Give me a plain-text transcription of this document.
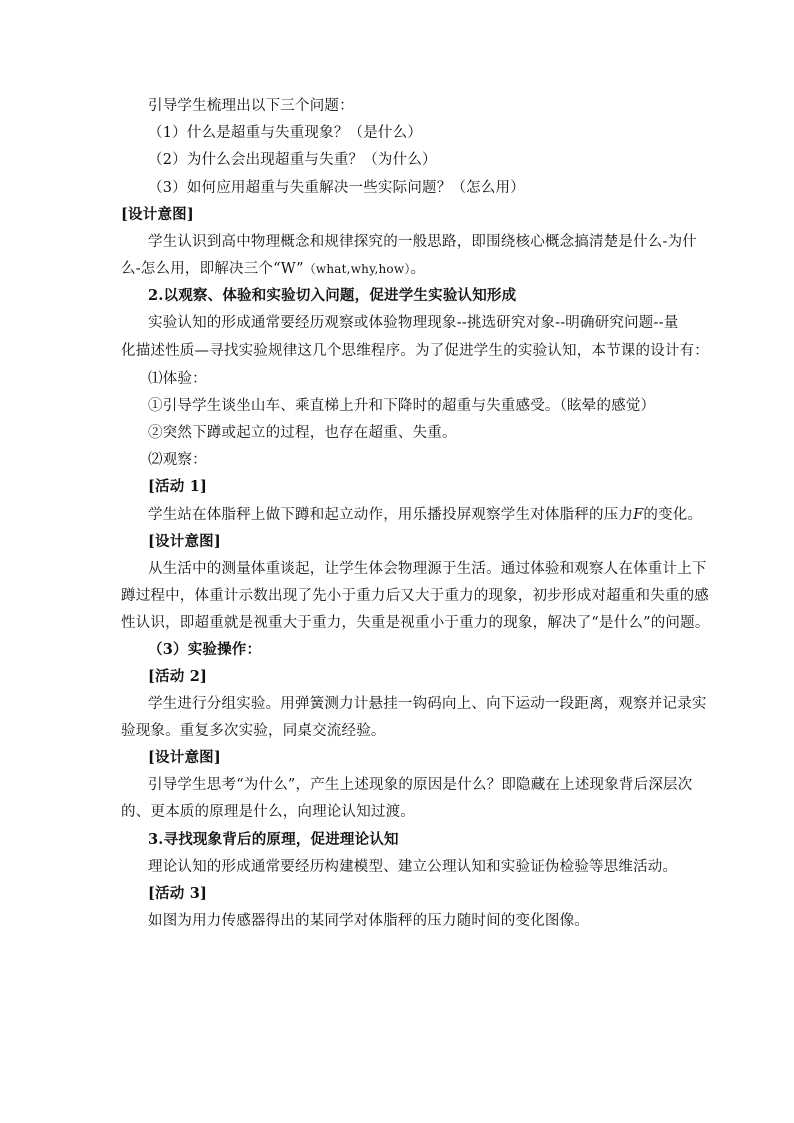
引导学生梳理出以下三个问题：
（1）什么是超重与失重现象？（是什么）
（2）为什么会出现超重与失重？（为什么）
（3）如何应用超重与失重解决一些实际问题？（怎么用）
[设计意图]
学生认识到高中物理概念和规律探究的一般思路，即围绕核心概念搞清楚是什么-为什
么-怎么用，即解决三个“W”（what,why,how）。
2.以观察、体验和实验切入问题，促进学生实验认知形成
实验认知的形成通常要经历观察或体验物理现象--挑选研究对象--明确研究问题--量
化描述性质—寻找实验规律这几个思维程序。为了促进学生的实验认知，本节课的设计有：
⑴体验：
①引导学生谈坐山车、乘直梯上升和下降时的超重与失重感受。（眩晕的感觉）
②突然下蹲或起立的过程，也存在超重、失重。
⑵观察：
[活动 1]
学生站在体脂秤上做下蹲和起立动作，用乐播投屏观察学生对体脂秤的压力F的变化。
[设计意图]
从生活中的测量体重谈起，让学生体会物理源于生活。通过体验和观察人在体重计上下
蹲过程中，体重计示数出现了先小于重力后又大于重力的现象，初步形成对超重和失重的感
性认识，即超重就是视重大于重力，失重是视重小于重力的现象，解决了“是什么”的问题。
（3）实验操作：
[活动 2]
学生进行分组实验。用弹簧测力计悬挂一钩码向上、向下运动一段距离，观察并记录实
验现象。重复多次实验，同桌交流经验。
[设计意图]
引导学生思考“为什么”，产生上述现象的原因是什么？即隐藏在上述现象背后深层次
的、更本质的原理是什么，向理论认知过渡。
3.寻找现象背后的原理，促进理论认知
理论认知的形成通常要经历构建模型、建立公理认知和实验证伪检验等思维活动。
[活动 3]
如图为用力传感器得出的某同学对体脂秤的压力随时间的变化图像。
